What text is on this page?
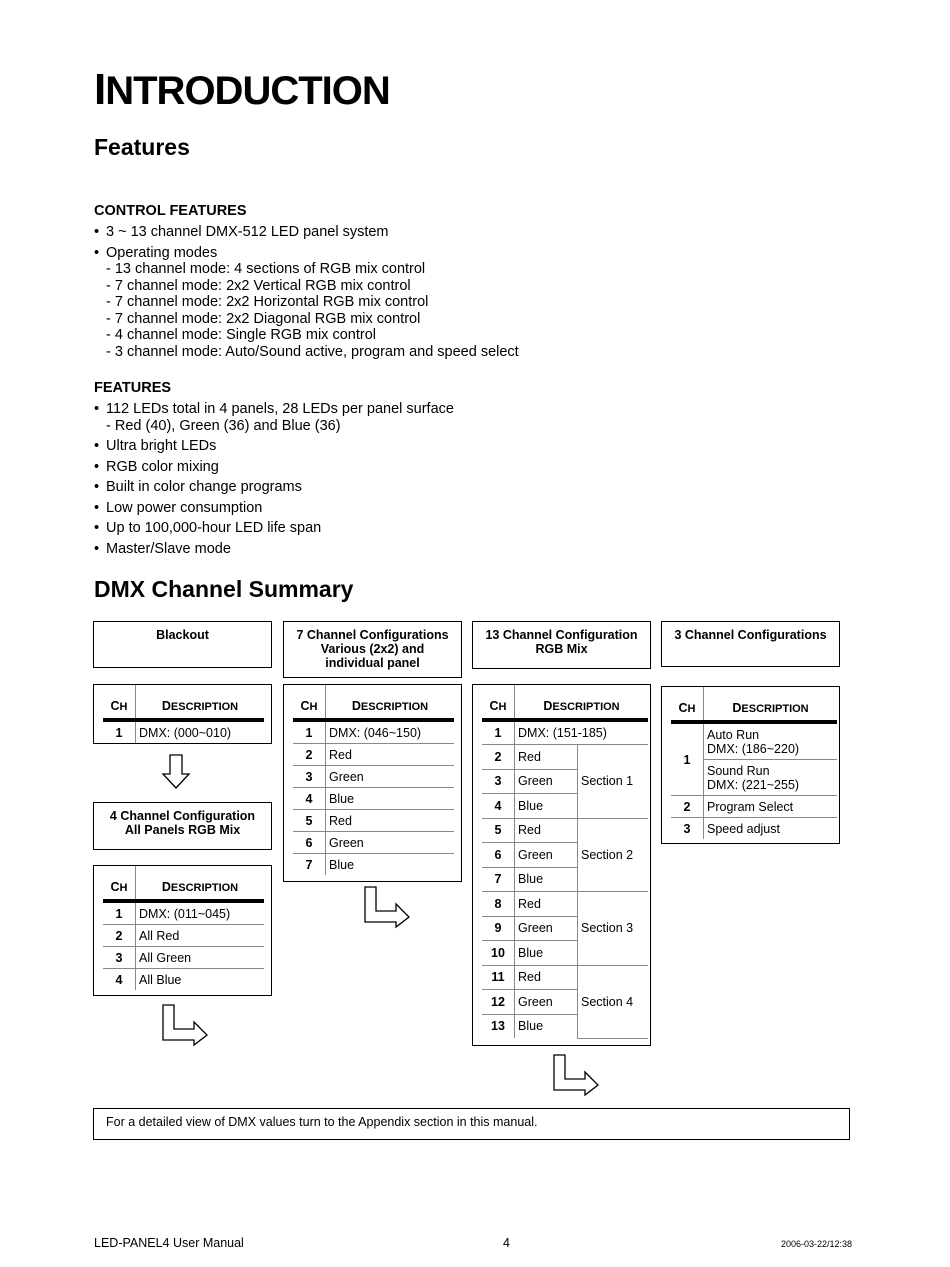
INTRODUCTION
Features

CONTROL FEATURES

• 3 ~ 13 channel DMX-512 LED panel system
• Operating modes
- 13 channel mode: 4 sections of RGB mix control
- 7 channel mode: 2x2 Vertical RGB mix control
- 7 channel mode: 2x2 Horizontal RGB mix control
- 7 channel mode: 2x2 Diagonal RGB mix control
- 4 channel mode: Single RGB mix control
- 3 channel mode: Auto/Sound active, program and speed select

FEATURES

• 112 LEDs total in 4 panels, 28 LEDs per panel surface
- Red (40), Green (36) and Blue (36)
• Ultra bright LEDs
• RGB color mixing
• Built in color change programs
• Low power consumption
• Up to 100,000-hour LED life span
• Master/Slave mode
DMX Channel Summary
Blackout
CH	DESCRIPTION
1	DMX: (000~010)
4 Channel Configuration
All Panels RGB Mix
CH	DESCRIPTION
1	DMX: (011~045)
2	All Red
3	All Green
4	All Blue
7 Channel Configurations
Various (2x2) and
individual panel
CH	DESCRIPTION
1	DMX: (046~150)
2	Red
3	Green
4	Blue
5	Red
6	Green
7	Blue
13 Channel Configuration
RGB Mix
CH	DESCRIPTION	
1	DMX: (151-185)	
2	Red	Section 1
3	Green	
4	Blue	
5	Red	Section 2
6	Green	
7	Blue	
8	Red	Section 3
9	Green	
10	Blue	
11	Red	Section 4
12	Green	
13	Blue	
3 Channel Configurations
CH	DESCRIPTION
1	Auto Run
DMX: (186~220)

	Sound Run
DMX: (221~255)

2	Program Select
3	Speed adjust
For a detailed view of DMX values turn to the Appendix section in this manual.
LED-PANEL4 User Manual	4	2006-03-22/12:38
